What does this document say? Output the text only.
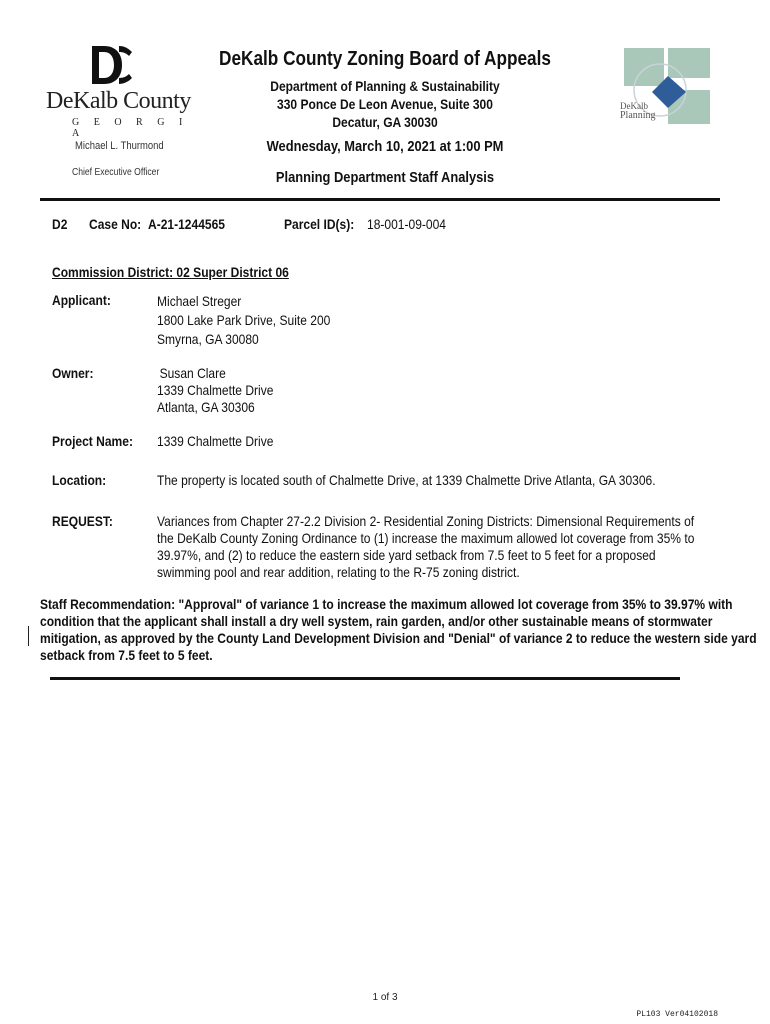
DeKalb County
G E O R G I A
Michael L. Thurmond
Chief Executive Officer
DeKalb County Zoning Board of Appeals
Department of Planning & Sustainability
330 Ponce De Leon Avenue, Suite 300
Decatur, GA 30030
Wednesday, March 10, 2021 at 1:00 PM
Planning Department Staff Analysis
DeKalb
Planning
D2 Case No: A-21-1244565	Parcel ID(s): 18-001-09-004
Commission District: 02 Super District 06
Applicant:	Michael Streger
1800 Lake Park Drive, Suite 200
Smyrna, GA 30080
Owner:	Susan Clare
1339 Chalmette Drive
Atlanta, GA 30306
Project Name: 1339 Chalmette Drive
Location:	The property is located south of Chalmette Drive, at 1339 Chalmette Drive Atlanta, GA 30306.
REQUEST:	Variances from Chapter 27-2.2 Division 2- Residential Zoning Districts: Dimensional Requirements of
the DeKalb County Zoning Ordinance to (1) increase the maximum allowed lot coverage from 35% to
39.97%, and (2) to reduce the eastern side yard setback from 7.5 feet to 5 feet for a proposed
swimming pool and rear addition, relating to the R-75 zoning district.
Staff Recommendation: "Approval" of variance 1 to increase the maximum allowed lot coverage from 35% to 39.97% with
condition that the applicant shall install a dry well system, rain garden, and/or other sustainable means of stormwater
mitigation, as approved by the County Land Development Division and "Denial" of variance 2 to reduce the western side yard
setback from 7.5 feet to 5 feet.
1 of 3
PL103 Ver04102018
